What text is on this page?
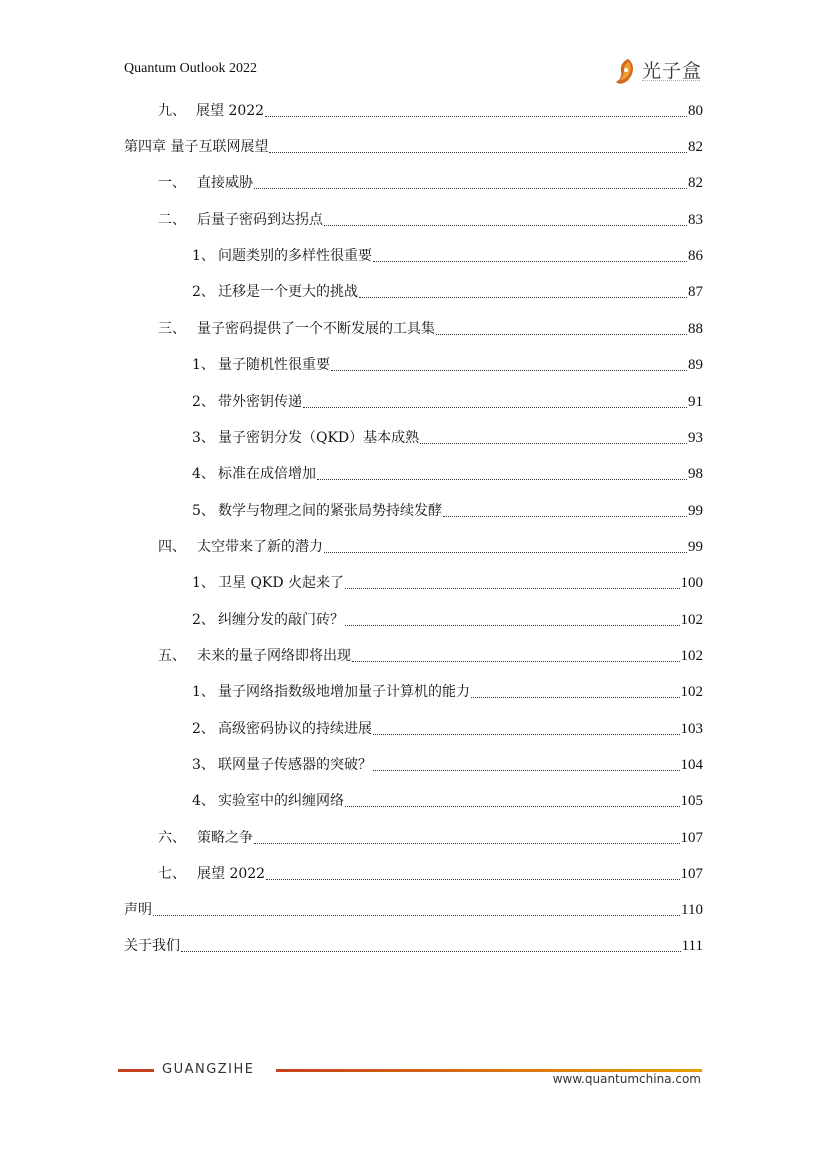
Quantum Outlook 2022	光子盒
九、 展望 2022	80
第四章 量子互联网展望	82
一、 直接威胁	82
二、 后量子密码到达拐点	83
1、 问题类别的多样性很重要	86
2、 迁移是一个更大的挑战	87
三、 量子密码提供了一个不断发展的工具集	88
1、 量子随机性很重要	89
2、 带外密钥传递	91
3、 量子密钥分发（QKD）基本成熟	93
4、 标准在成倍增加	98
5、 数学与物理之间的紧张局势持续发酵	99
四、 太空带来了新的潜力	99
1、 卫星 QKD 火起来了	100
2、 纠缠分发的敲门砖？	102
五、 未来的量子网络即将出现	102
1、 量子网络指数级地增加量子计算机的能力	102
2、 高级密码协议的持续进展	103
3、 联网量子传感器的突破？	104
4、 实验室中的纠缠网络	105
六、 策略之争	107
七、 展望 2022	107
声明	110
关于我们	111
GUANGZIHE
www.quantumchina.com
